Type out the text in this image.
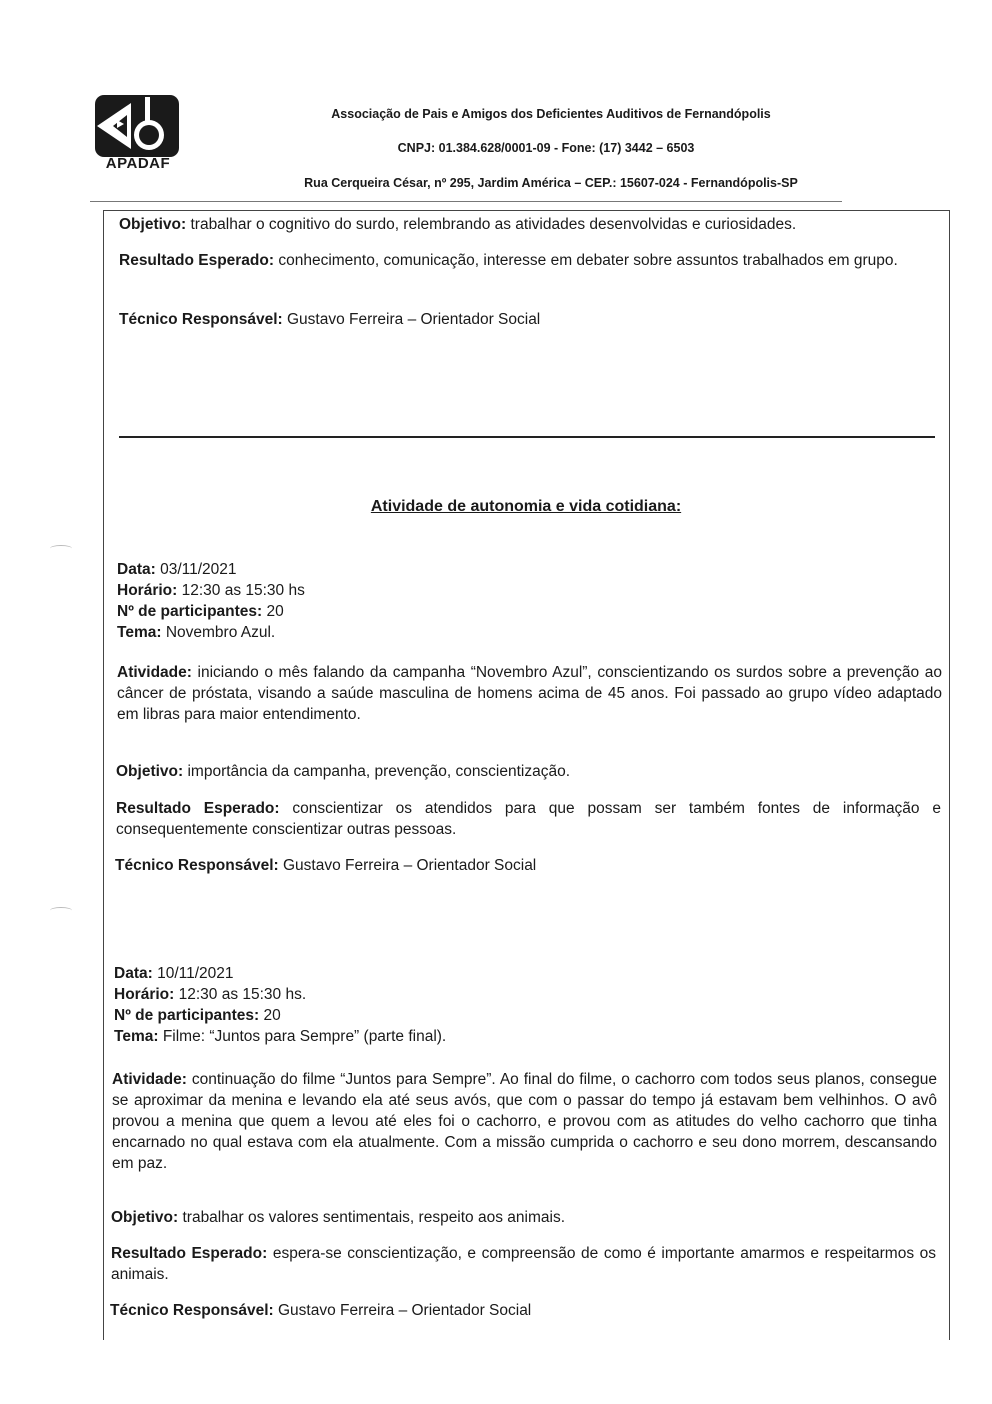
APADAF
Associação de Pais e Amigos dos Deficientes Auditivos de Fernandópolis
CNPJ: 01.384.628/0001-09 - Fone: (17) 3442 – 6503
Rua Cerqueira César, nº 295, Jardim América – CEP.: 15607-024 - Fernandópolis-SP
Objetivo: trabalhar o cognitivo do surdo, relembrando as atividades desenvolvidas e curiosidades.
Resultado Esperado: conhecimento, comunicação, interesse em debater sobre assuntos trabalhados em grupo.
Técnico Responsável: Gustavo Ferreira – Orientador Social
Atividade de autonomia e vida cotidiana:
Data: 03/11/2021
Horário: 12:30 as 15:30 hs
Nº de participantes: 20
Tema: Novembro Azul.
Atividade: iniciando o mês falando da campanha “Novembro Azul”, conscientizando os surdos sobre a prevenção ao câncer de próstata, visando a saúde masculina de homens acima de 45 anos. Foi passado ao grupo vídeo adaptado em libras para maior entendimento.
Objetivo: importância da campanha, prevenção, conscientização.
Resultado Esperado: conscientizar os atendidos para que possam ser também fontes de informação e consequentemente conscientizar outras pessoas.
Técnico Responsável: Gustavo Ferreira – Orientador Social
Data: 10/11/2021
Horário: 12:30 as 15:30 hs.
Nº de participantes: 20
Tema: Filme: “Juntos para Sempre” (parte final).
Atividade: continuação do filme “Juntos para Sempre”. Ao final do filme, o cachorro com todos seus planos, consegue se aproximar da menina e levando ela até seus avós, que com o passar do tempo já estavam bem velhinhos. O avô provou a menina que quem a levou até eles foi o cachorro, e provou com as atitudes do velho cachorro que tinha encarnado no qual estava com ela atualmente. Com a missão cumprida o cachorro e seu dono morrem, descansando em paz.
Objetivo: trabalhar os valores sentimentais, respeito aos animais.
Resultado Esperado: espera-se conscientização, e compreensão de como é importante amarmos e respeitarmos os animais.
Técnico Responsável: Gustavo Ferreira – Orientador Social
